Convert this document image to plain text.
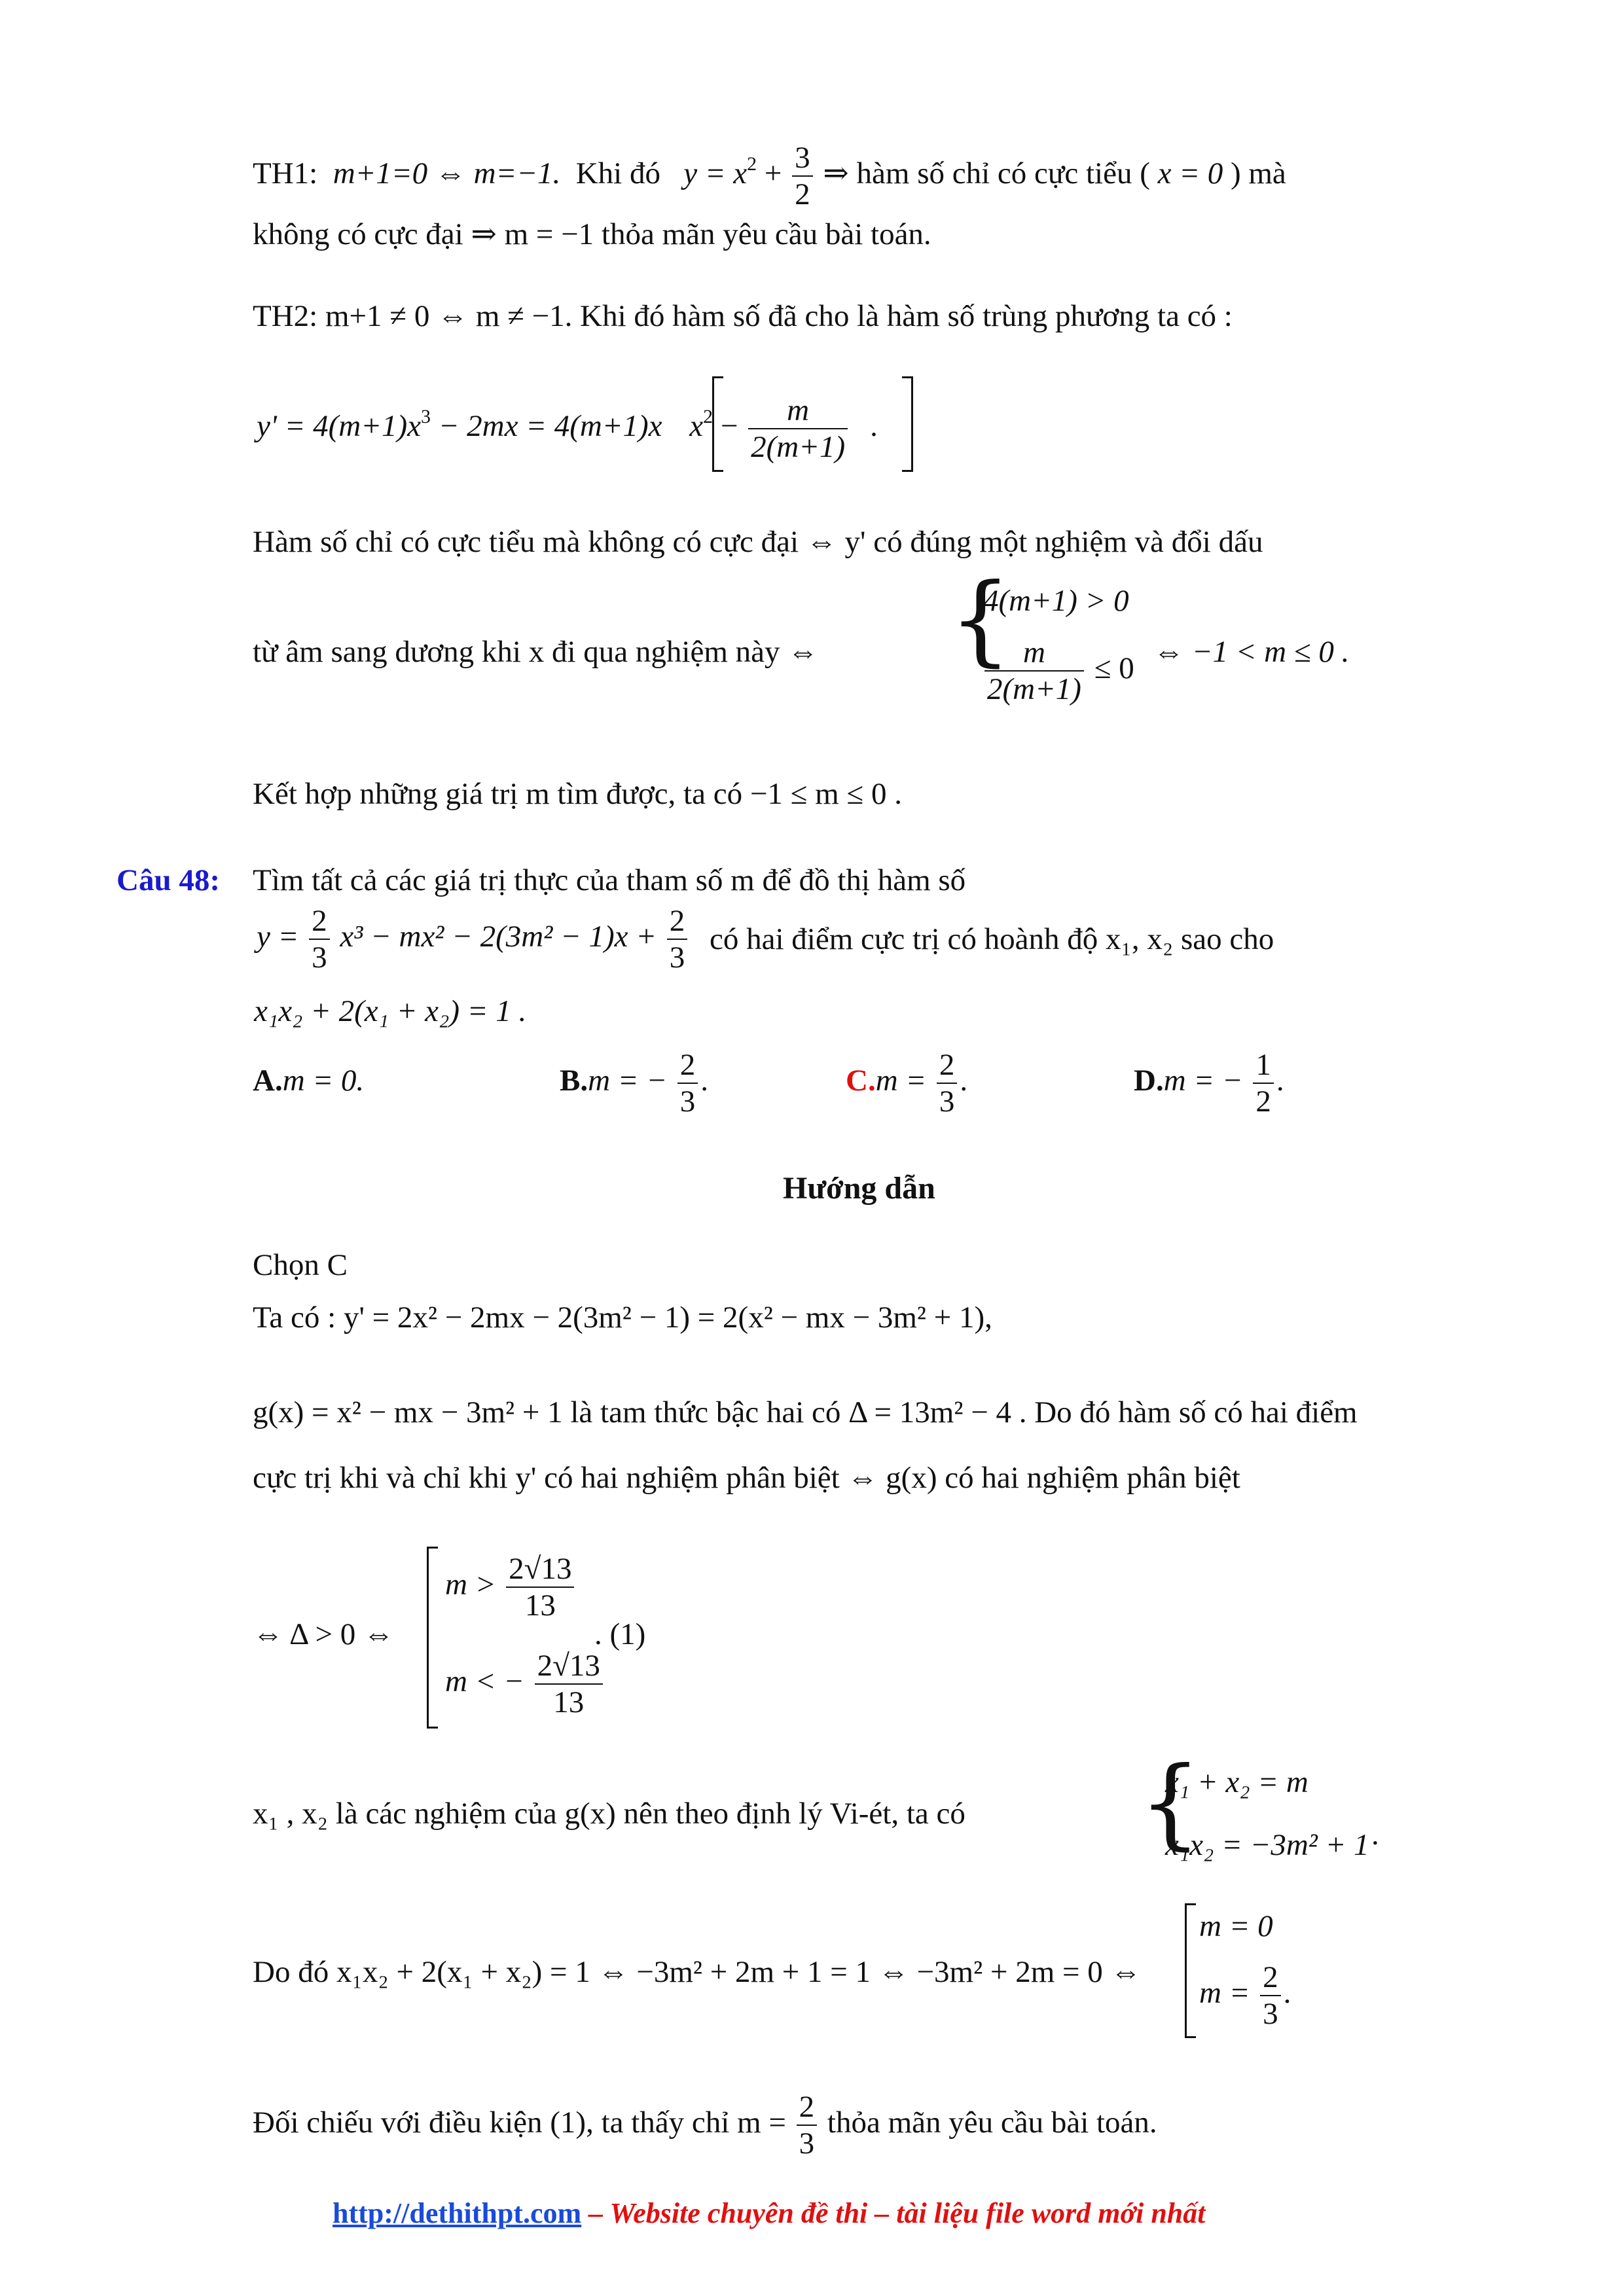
TH1: m+1=0 ⇔ m=−1. Khi đó $y = x^2 + \frac{3}{2}$ ⇒ hàm số chỉ có cực tiểu ( x = 0 ) mà
không có cực đại ⇒ m = −1 thỏa mãn yêu cầu bài toán.
TH2: m+1 ≠ 0 ⇔ m ≠ −1. Khi đó hàm số đã cho là hàm số trùng phương ta có :
$y' = 4(m+1)x^3 - 2mx = 4(m+1)x$ $x^2 - \frac{m}{2(m+1)}$ .
Hàm số chỉ có cực tiểu mà không có cực đại ⇔ y' có đúng một nghiệm và đổi dấu
từ âm sang dương khi x đi qua nghiệm này ⇔ {
4(m+1) > 0
$\frac{m}{2(m+1)} \le 0$ ⇔ −1 < m ≤ 0 .
Kết hợp những giá trị m tìm được, ta có −1 ≤ m ≤ 0 .
Câu 48: Tìm tất cả các giá trị thực của tham số m để đồ thị hàm số
$y = \frac{2}{3} x^3 - mx^2 - 2(3m^2 - 1)x + \frac{2}{3}$ có hai điểm cực trị có hoành độ x₁, x₂ sao cho
x₁x₂ + 2(x₁ + x₂) = 1 .
A.m = 0.	B.m = − $\frac{2}{3}$ .	$C.m = \frac{2}{3}$ .	D.m = − $\frac{1}{2}$ .
Hướng dẫn
Chọn C
Ta có : y' = 2x² − 2mx − 2(3m² − 1) = 2(x² − mx − 3m² + 1),
g(x) = x² − mx − 3m² + 1 là tam thức bậc hai có Δ = 13m² − 4 . Do đó hàm số có hai điểm
cực trị khi và chỉ khi y' có hai nghiệm phân biệt ⇔ g(x) có hai nghiệm phân biệt
⇔ Δ > 0 ⇔
$m > \frac{2√13}{13}$
m < − $\frac{2√13}{13}$
. (1)
x₁ , x₂ là các nghiệm của g(x) nên theo định lý Vi-ét, ta có {
x₁ + x₂ = m
x₁x₂ = −3m² + 1 .
Do đó x₁x₂ + 2(x₁ + x₂) = 1 ⇔ −3m² + 2m + 1 = 1 ⇔ −3m² + 2m = 0 ⇔
m = 0
$m = \frac{2}{3}$ .
Đối chiếu với điều kiện (1), ta thấy chỉ $m = \frac{2}{3}$ thỏa mãn yêu cầu bài toán.
http://dethithpt.com – Website chuyên đề thi – tài liệu file word mới nhất
